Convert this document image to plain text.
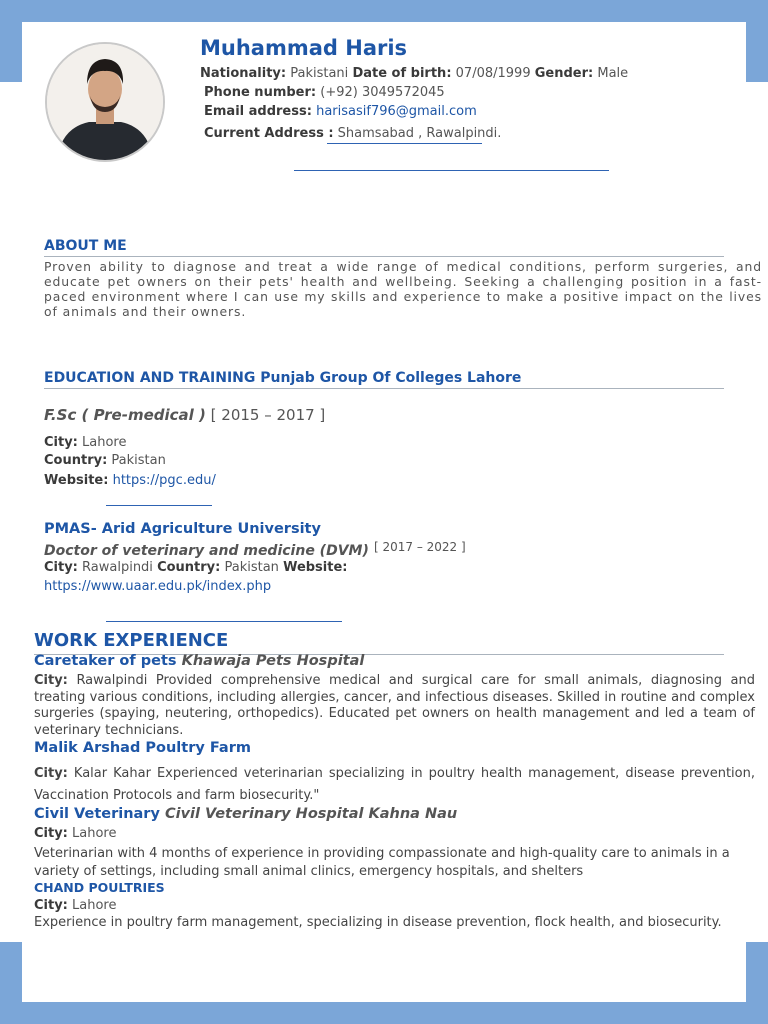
Muhammad Haris
Nationality: Pakistani Date of birth: 07/08/1999 Gender: Male
Phone number: (+92) 3049572045
Email address: harisasif796@gmail.com
Current Address : Shamsabad , Rawalpindi.
ABOUT ME
Proven ability to diagnose and treat a wide range of medical conditions, perform surgeries, and educate pet owners on their pets' health and wellbeing. Seeking a challenging position in a fast-paced environment where I can use my skills and experience to make a positive impact on the lives of animals and their owners.
EDUCATION AND TRAINING Punjab Group Of Colleges Lahore
F.Sc ( Pre-medical ) [ 2015 – 2017 ]
City: Lahore
Country: Pakistan
Website: https://pgc.edu/
PMAS- Arid Agriculture University
Doctor of veterinary and medicine (DVM) [ 2017 – 2022 ]
City: Rawalpindi Country: Pakistan Website:
https://www.uaar.edu.pk/index.php
WORK EXPERIENCE
Caretaker of pets Khawaja Pets Hospital
City: Rawalpindi Provided comprehensive medical and surgical care for small animals, diagnosing and treating various conditions, including allergies, cancer, and infectious diseases. Skilled in routine and complex surgeries (spaying, neutering, orthopedics). Educated pet owners on health management and led a team of veterinary technicians.
Malik Arshad Poultry Farm
City: Kalar Kahar Experienced veterinarian specializing in poultry health management, disease prevention, Vaccination Protocols and farm biosecurity."
Civil Veterinary Civil Veterinary Hospital Kahna Nau
City: Lahore
Veterinarian with 4 months of experience in providing compassionate and high-quality care to animals in a variety of settings, including small animal clinics, emergency hospitals, and shelters
CHAND POULTRIES
City: Lahore
Experience in poultry farm management, specializing in disease prevention, flock health, and biosecurity.
